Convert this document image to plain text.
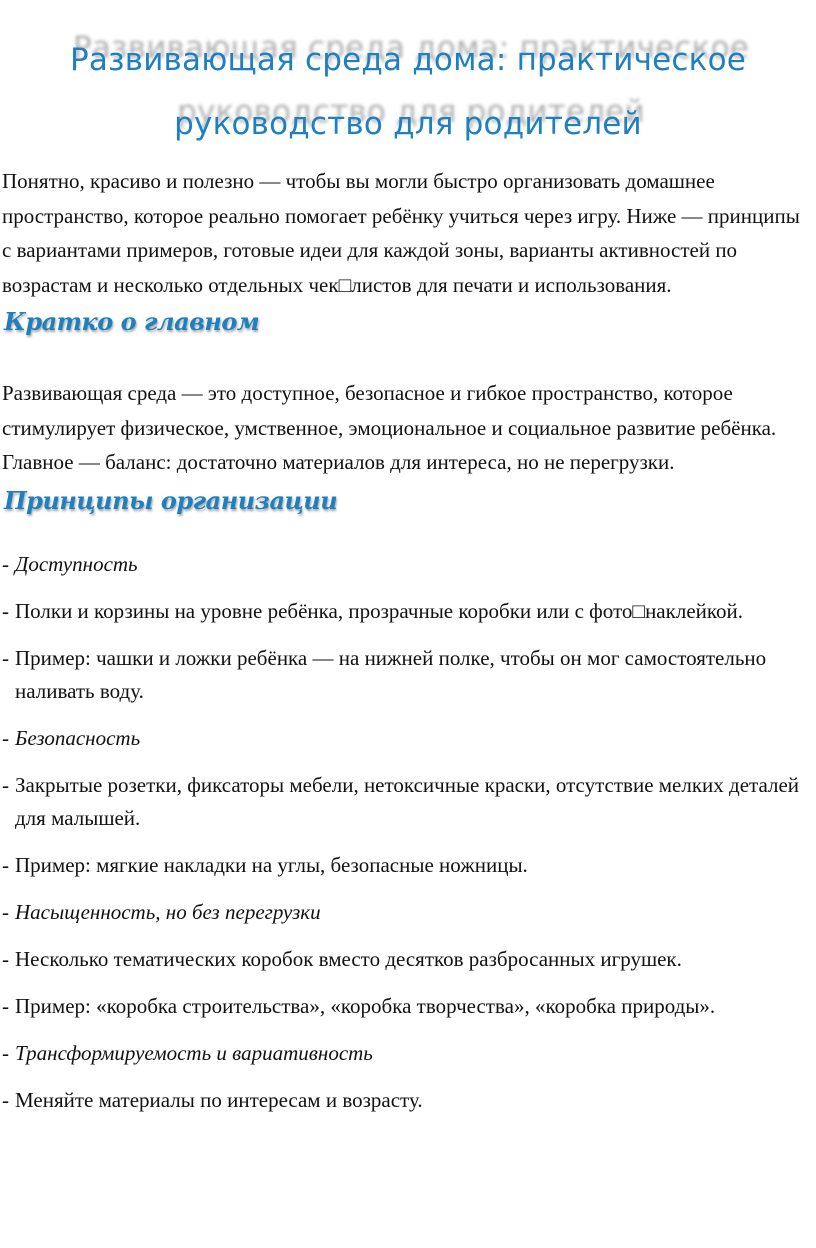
Развивающая среда дома: практическое руководство для родителей

Понятно, красиво и полезно — чтобы вы могли быстро организовать домашнее пространство, которое реально помогает ребёнку учиться через игру. Ниже — принципы с вариантами примеров, готовые идеи для каждой зоны, варианты активностей по возрастам и несколько отдельных чек□листов для печати и использования.

Кратко о главном

Развивающая среда — это доступное, безопасное и гибкое пространство, которое стимулирует физическое, умственное, эмоциональное и социальное развитие ребёнка. Главное — баланс: достаточно материалов для интереса, но не перегрузки.

Принципы организации
- Доступность
- Полки и корзины на уровне ребёнка, прозрачные коробки или с фото□наклейкой.
- Пример: чашки и ложки ребёнка — на нижней полке, чтобы он мог самостоятельно наливать воду.
- Безопасность
- Закрытые розетки, фиксаторы мебели, нетоксичные краски, отсутствие мелких деталей для малышей.
- Пример: мягкие накладки на углы, безопасные ножницы.
- Насыщенность, но без перегрузки
- Несколько тематических коробок вместо десятков разбросанных игрушек.
- Пример: «коробка строительства», «коробка творчества», «коробка природы».
- Трансформируемость и вариативность
- Меняйте материалы по интересам и возрасту.
